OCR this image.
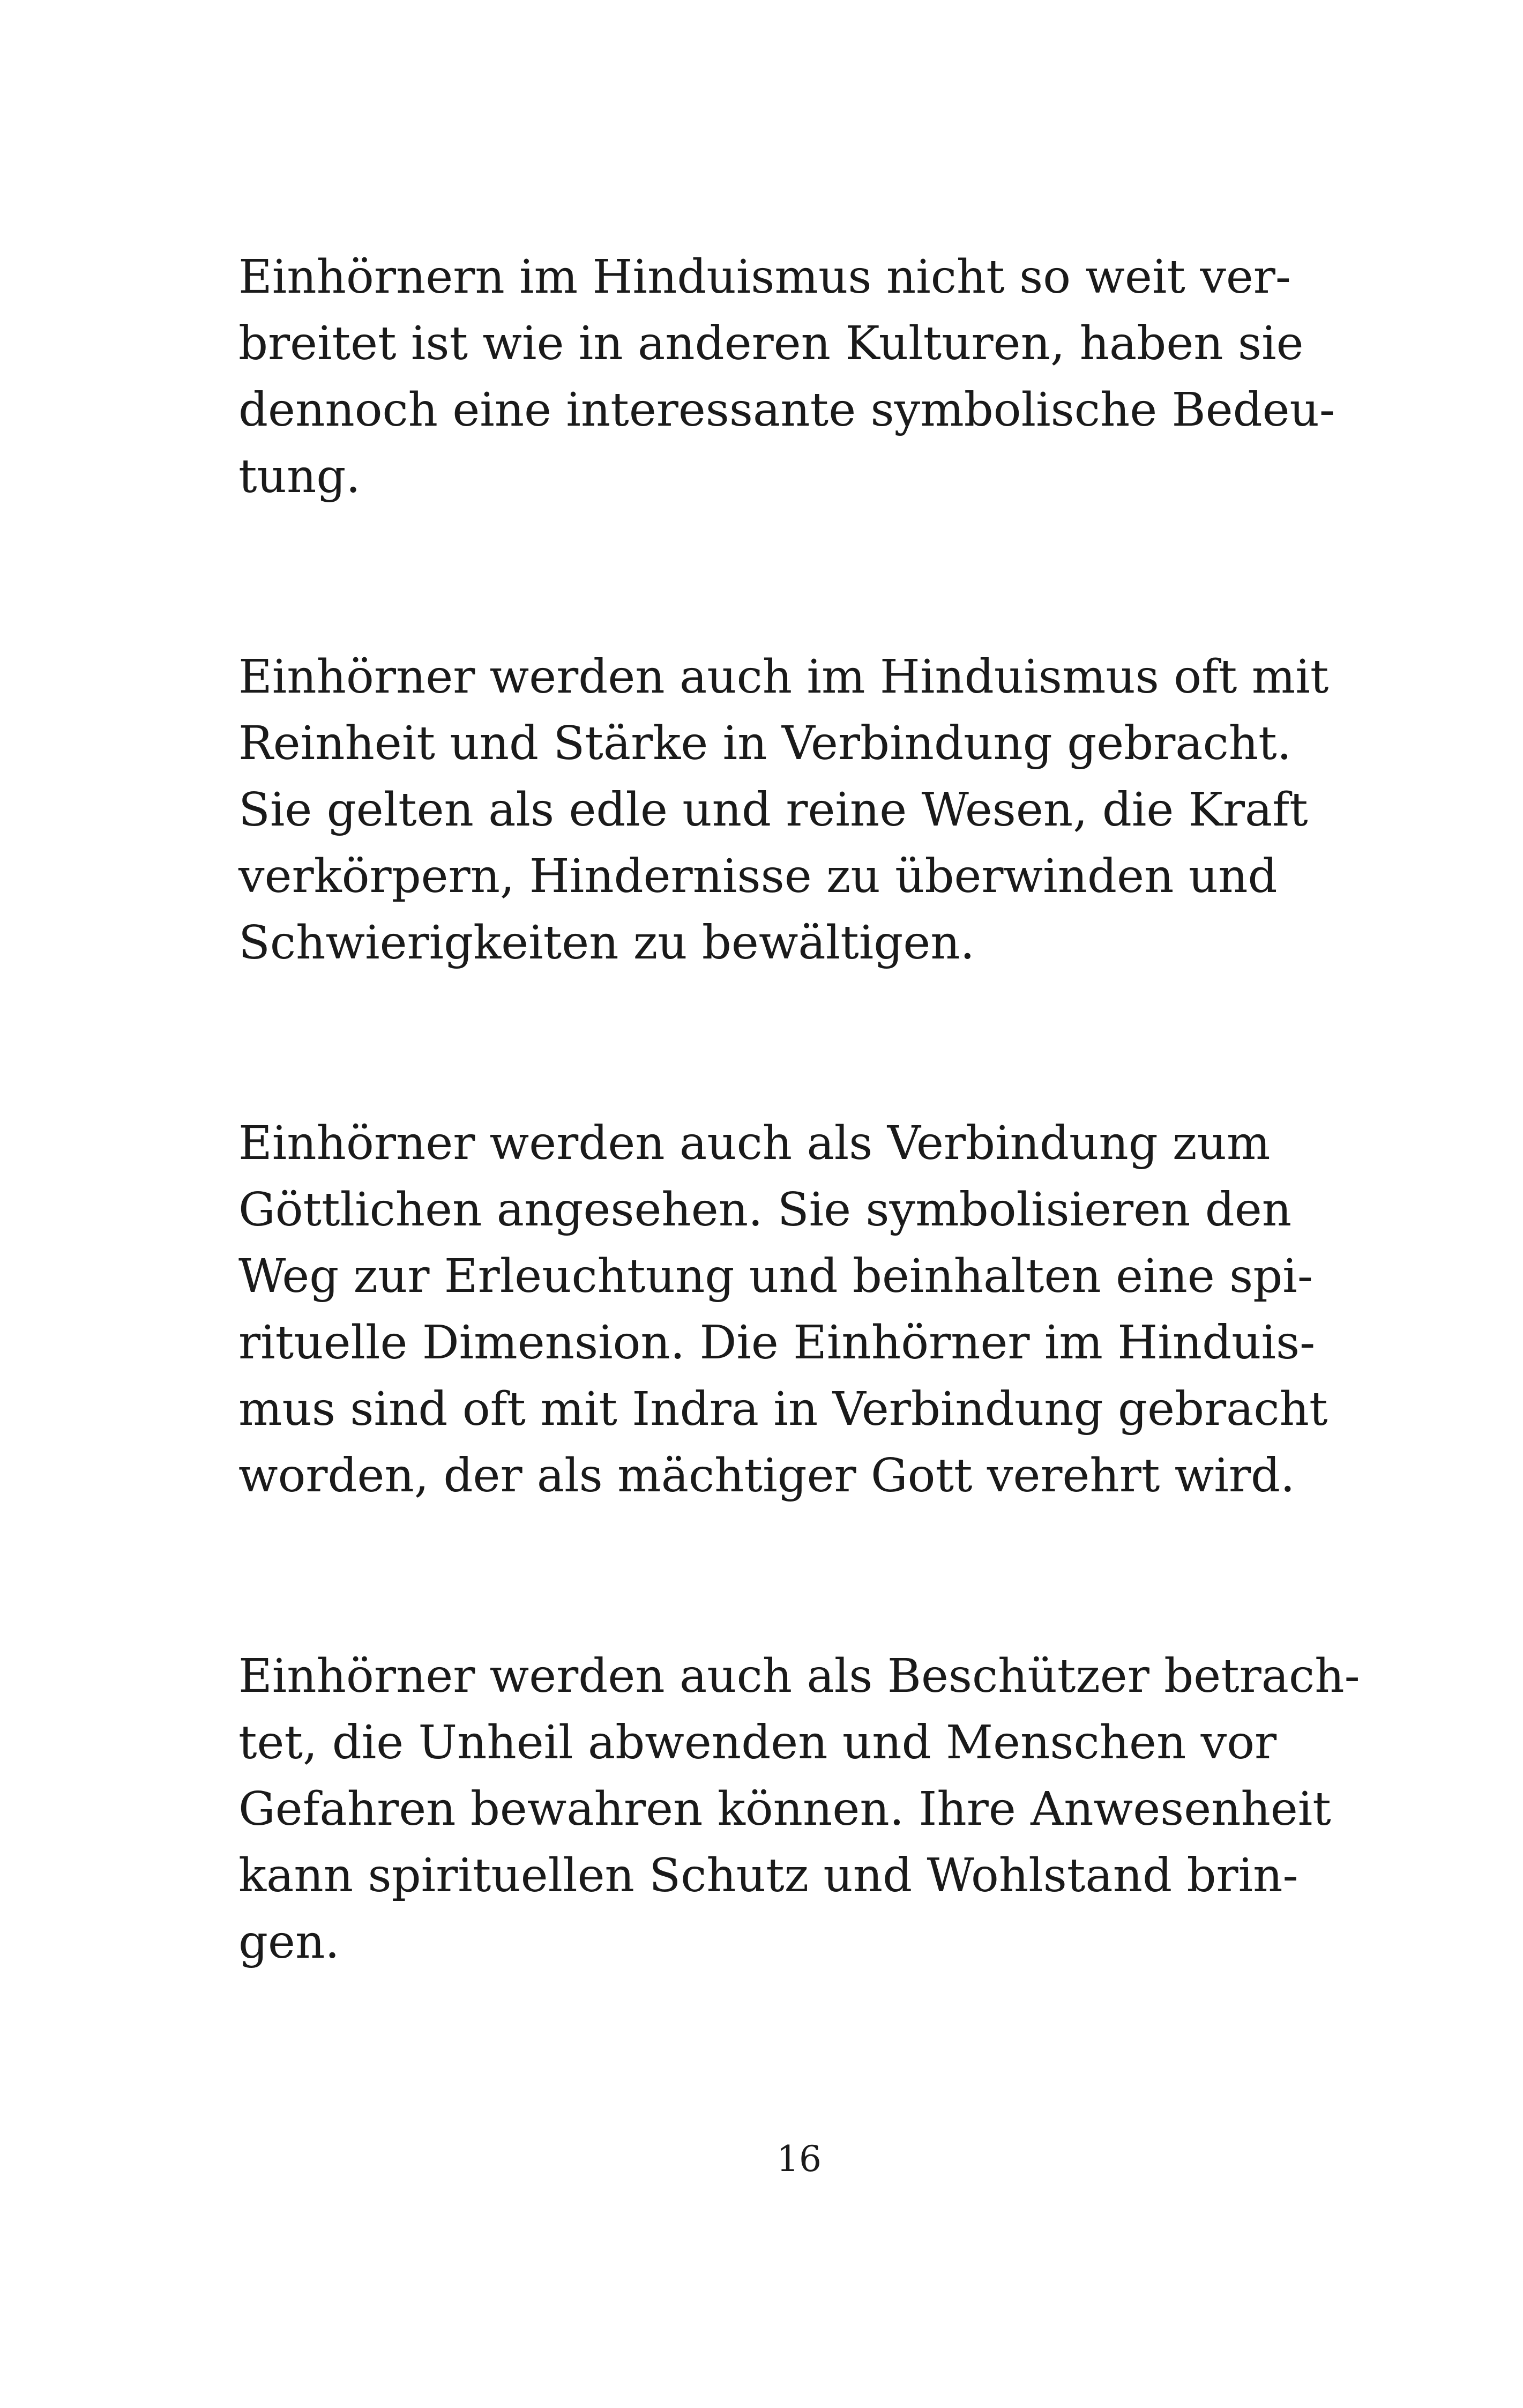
Einhörnern im Hinduismus nicht so weit ver-
breitet ist wie in anderen Kulturen, haben sie
dennoch eine interessante symbolische Bedeu-
tung.

Einhörner werden auch im Hinduismus oft mit
Reinheit und Stärke in Verbindung gebracht.
Sie gelten als edle und reine Wesen, die Kraft
verkörpern, Hindernisse zu überwinden und
Schwierigkeiten zu bewältigen.

Einhörner werden auch als Verbindung zum
Göttlichen angesehen. Sie symbolisieren den
Weg zur Erleuchtung und beinhalten eine spi-
rituelle Dimension. Die Einhörner im Hinduis-
mus sind oft mit Indra in Verbindung gebracht
worden, der als mächtiger Gott verehrt wird.

Einhörner werden auch als Beschützer betrach-
tet, die Unheil abwenden und Menschen vor
Gefahren bewahren können. Ihre Anwesenheit
kann spirituellen Schutz und Wohlstand brin-
gen.

16
